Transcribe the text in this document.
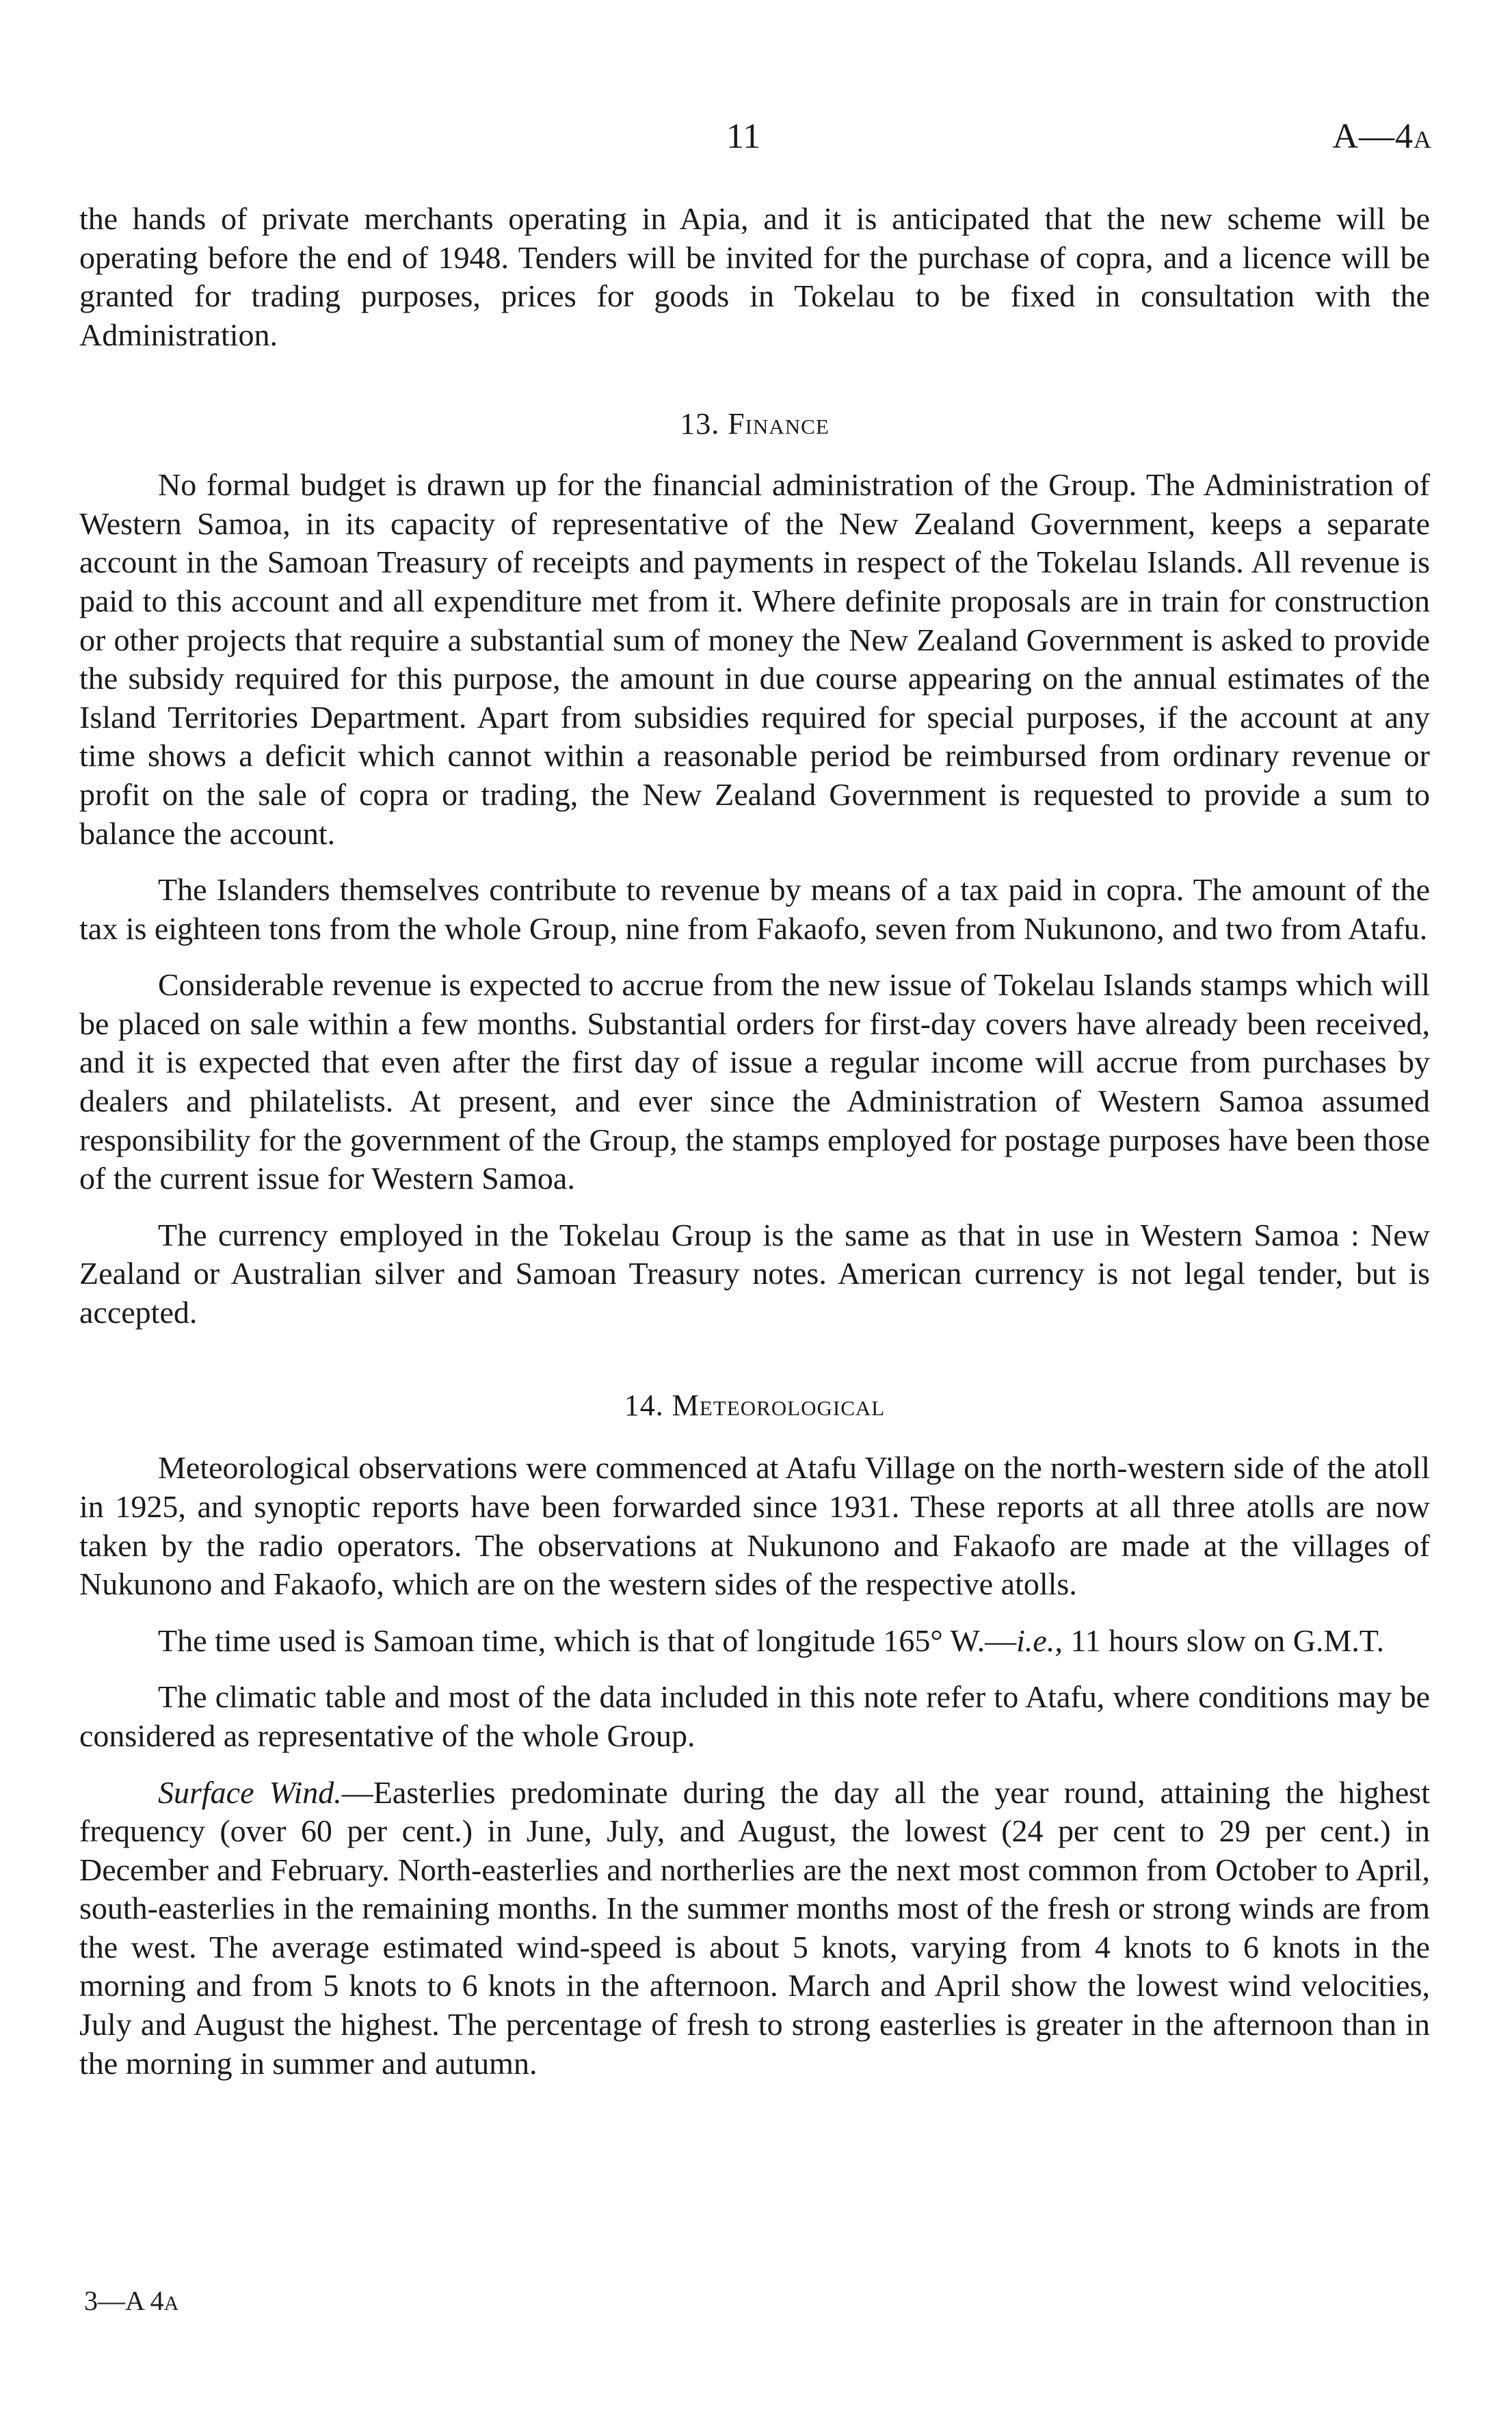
11	A—4A

the hands of private merchants operating in Apia, and it is anticipated that the new scheme will be operating before the end of 1948. Tenders will be invited for the purchase of copra, and a licence will be granted for trading purposes, prices for goods in Tokelau to be fixed in consultation with the Administration.

13. Finance

No formal budget is drawn up for the financial administration of the Group. The Administration of Western Samoa, in its capacity of representative of the New Zealand Government, keeps a separate account in the Samoan Treasury of receipts and payments in respect of the Tokelau Islands. All revenue is paid to this account and all expenditure met from it. Where definite proposals are in train for construction or other projects that require a substantial sum of money the New Zealand Government is asked to provide the subsidy required for this purpose, the amount in due course appearing on the annual estimates of the Island Territories Department. Apart from subsidies required for special purposes, if the account at any time shows a deficit which cannot within a reasonable period be reimbursed from ordinary revenue or profit on the sale of copra or trading, the New Zealand Government is requested to provide a sum to balance the account.

The Islanders themselves contribute to revenue by means of a tax paid in copra. The amount of the tax is eighteen tons from the whole Group, nine from Fakaofo, seven from Nukunono, and two from Atafu.

Considerable revenue is expected to accrue from the new issue of Tokelau Islands stamps which will be placed on sale within a few months. Substantial orders for first-day covers have already been received, and it is expected that even after the first day of issue a regular income will accrue from purchases by dealers and philatelists. At present, and ever since the Administration of Western Samoa assumed responsibility for the government of the Group, the stamps employed for postage purposes have been those of the current issue for Western Samoa.

The currency employed in the Tokelau Group is the same as that in use in Western Samoa : New Zealand or Australian silver and Samoan Treasury notes. American currency is not legal tender, but is accepted.

14. Meteorological

Meteorological observations were commenced at Atafu Village on the north-western side of the atoll in 1925, and synoptic reports have been forwarded since 1931. These reports at all three atolls are now taken by the radio operators. The observations at Nukunono and Fakaofo are made at the villages of Nukunono and Fakaofo, which are on the western sides of the respective atolls.

The time used is Samoan time, which is that of longitude 165° W.—i.e., 11 hours slow on G.M.T.

The climatic table and most of the data included in this note refer to Atafu, where conditions may be considered as representative of the whole Group.

Surface Wind.—Easterlies predominate during the day all the year round, attaining the highest frequency (over 60 per cent.) in June, July, and August, the lowest (24 per cent to 29 per cent.) in December and February. North-easterlies and northerlies are the next most common from October to April, south-easterlies in the remaining months. In the summer months most of the fresh or strong winds are from the west. The average estimated wind-speed is about 5 knots, varying from 4 knots to 6 knots in the morning and from 5 knots to 6 knots in the afternoon. March and April show the lowest wind velocities, July and August the highest. The percentage of fresh to strong easterlies is greater in the afternoon than in the morning in summer and autumn.

3—A 4A
